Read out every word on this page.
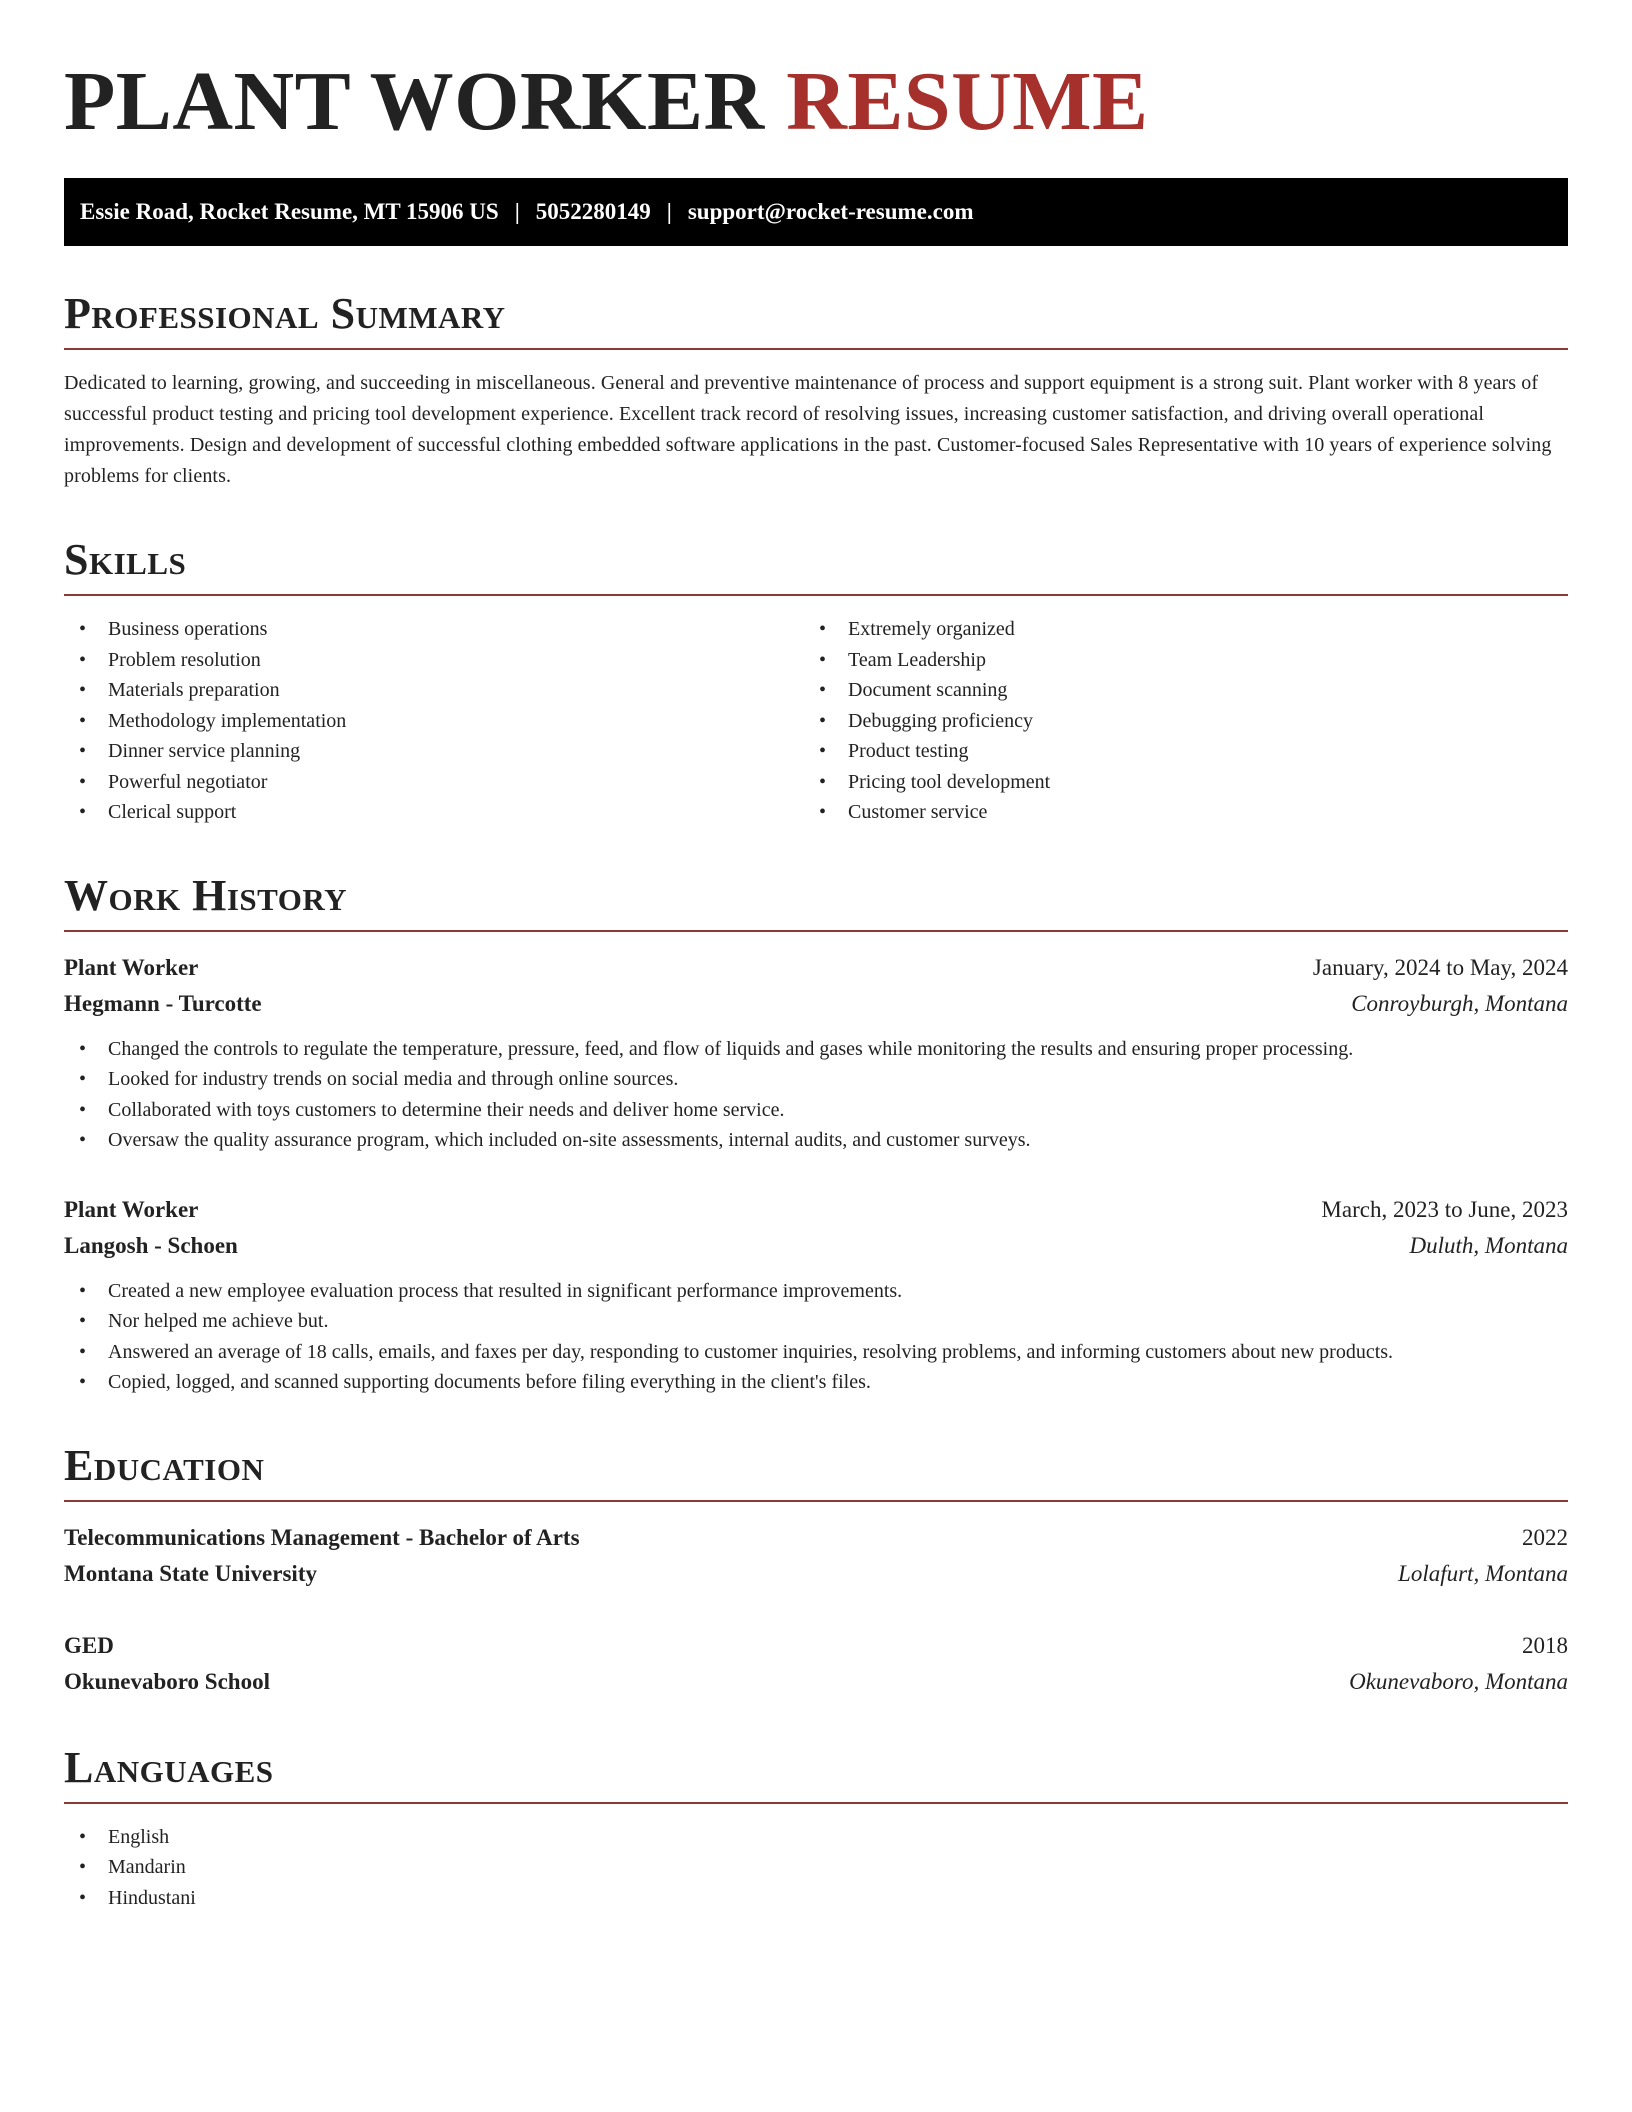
PLANT WORKER RESUME
Essie Road, Rocket Resume, MT 15906 US | 5052280149 | support@rocket-resume.com
Professional Summary

Dedicated to learning, growing, and succeeding in miscellaneous. General and preventive maintenance of process and support equipment is a strong suit. Plant worker with 8 years of successful product testing and pricing tool development experience. Excellent track record of resolving issues, increasing customer satisfaction, and driving overall operational improvements. Design and development of successful clothing embedded software applications in the past. Customer-focused Sales Representative with 10 years of experience solving problems for clients.

Skills
• Business operations
• Problem resolution
• Materials preparation
• Methodology implementation
• Dinner service planning
• Powerful negotiator
• Clerical support
• Extremely organized
• Team Leadership
• Document scanning
• Debugging proficiency
• Product testing
• Pricing tool development
• Customer service
Work History
Plant Worker	January, 2024 to May, 2024
Hegmann - Turcotte	Conroyburgh, Montana
• Changed the controls to regulate the temperature, pressure, feed, and flow of liquids and gases while monitoring the results and ensuring proper processing.
• Looked for industry trends on social media and through online sources.
• Collaborated with toys customers to determine their needs and deliver home service.
• Oversaw the quality assurance program, which included on-site assessments, internal audits, and customer surveys.
Plant Worker	March, 2023 to June, 2023
Langosh - Schoen	Duluth, Montana
• Created a new employee evaluation process that resulted in significant performance improvements.
• Nor helped me achieve but.
• Answered an average of 18 calls, emails, and faxes per day, responding to customer inquiries, resolving problems, and informing customers about new products.
• Copied, logged, and scanned supporting documents before filing everything in the client's files.
Education
Telecommunications Management - Bachelor of Arts	2022
Montana State University	Lolafurt, Montana
GED	2018
Okunevaboro School	Okunevaboro, Montana
Languages
• English
• Mandarin
• Hindustani
